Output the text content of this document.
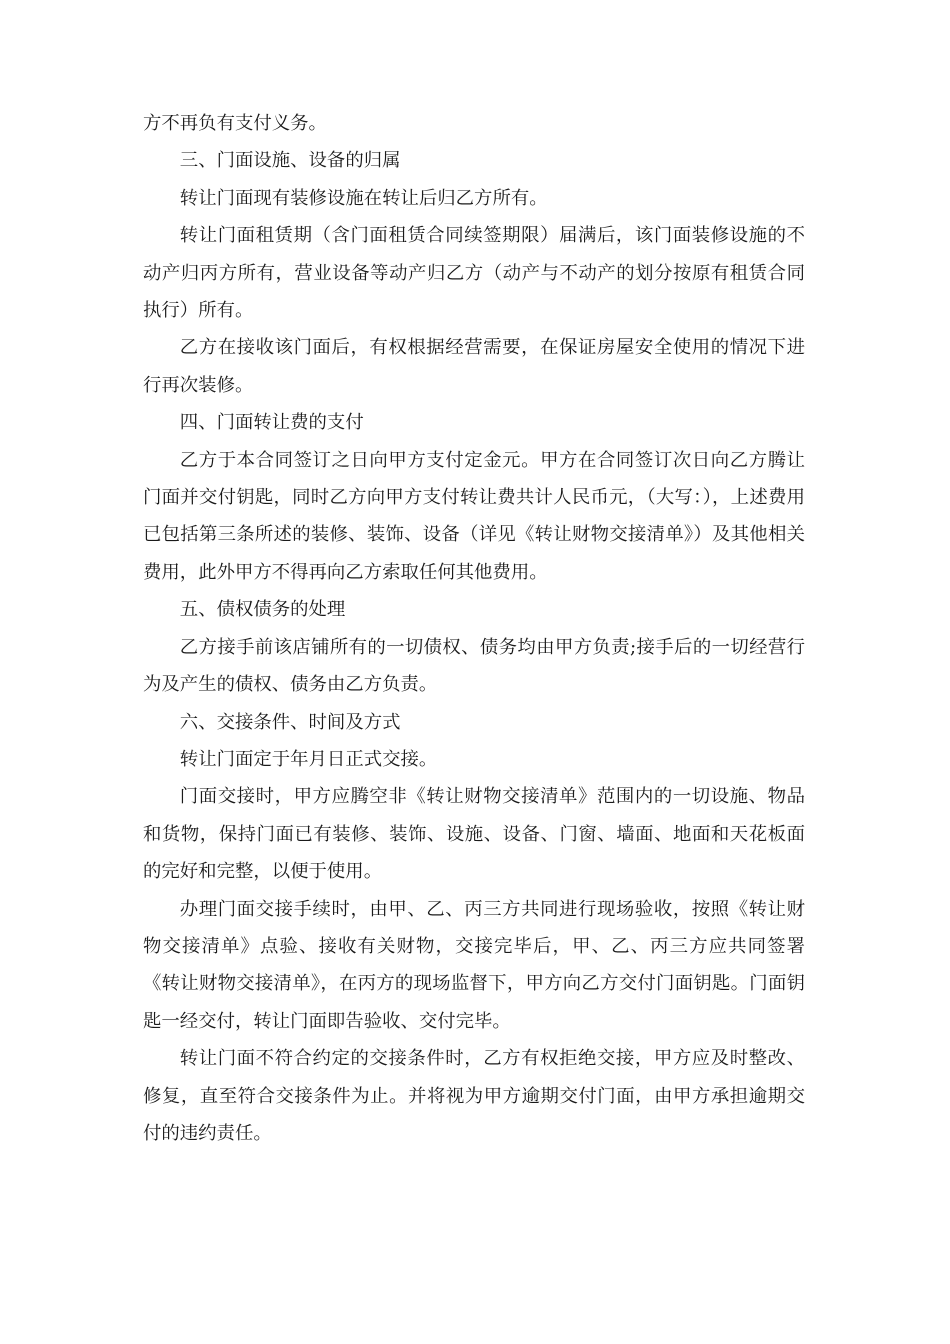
方不再负有支付义务。

三、门面设施、设备的归属

转让门面现有装修设施在转让后归乙方所有。

转让门面租赁期（含门面租赁合同续签期限）届满后，该门面装修设施的不动产归丙方所有，营业设备等动产归乙方（动产与不动产的划分按原有租赁合同执行）所有。

乙方在接收该门面后，有权根据经营需要，在保证房屋安全使用的情况下进行再次装修。

四、门面转让费的支付

乙方于本合同签订之日向甲方支付定金元。甲方在合同签订次日向乙方腾让门面并交付钥匙，同时乙方向甲方支付转让费共计人民币元，（大写：），上述费用已包括第三条所述的装修、装饰、设备（详见《转让财物交接清单》）及其他相关费用，此外甲方不得再向乙方索取任何其他费用。

五、债权债务的处理

乙方接手前该店铺所有的一切债权、债务均由甲方负责;接手后的一切经营行为及产生的债权、债务由乙方负责。

六、交接条件、时间及方式

转让门面定于年月日正式交接。

门面交接时，甲方应腾空非《转让财物交接清单》范围内的一切设施、物品和货物，保持门面已有装修、装饰、设施、设备、门窗、墙面、地面和天花板面的完好和完整，以便于使用。

办理门面交接手续时，由甲、乙、丙三方共同进行现场验收，按照《转让财物交接清单》点验、接收有关财物，交接完毕后，甲、乙、丙三方应共同签署《转让财物交接清单》，在丙方的现场监督下，甲方向乙方交付门面钥匙。门面钥匙一经交付，转让门面即告验收、交付完毕。

转让门面不符合约定的交接条件时，乙方有权拒绝交接，甲方应及时整改、修复，直至符合交接条件为止。并将视为甲方逾期交付门面，由甲方承担逾期交付的违约责任。
